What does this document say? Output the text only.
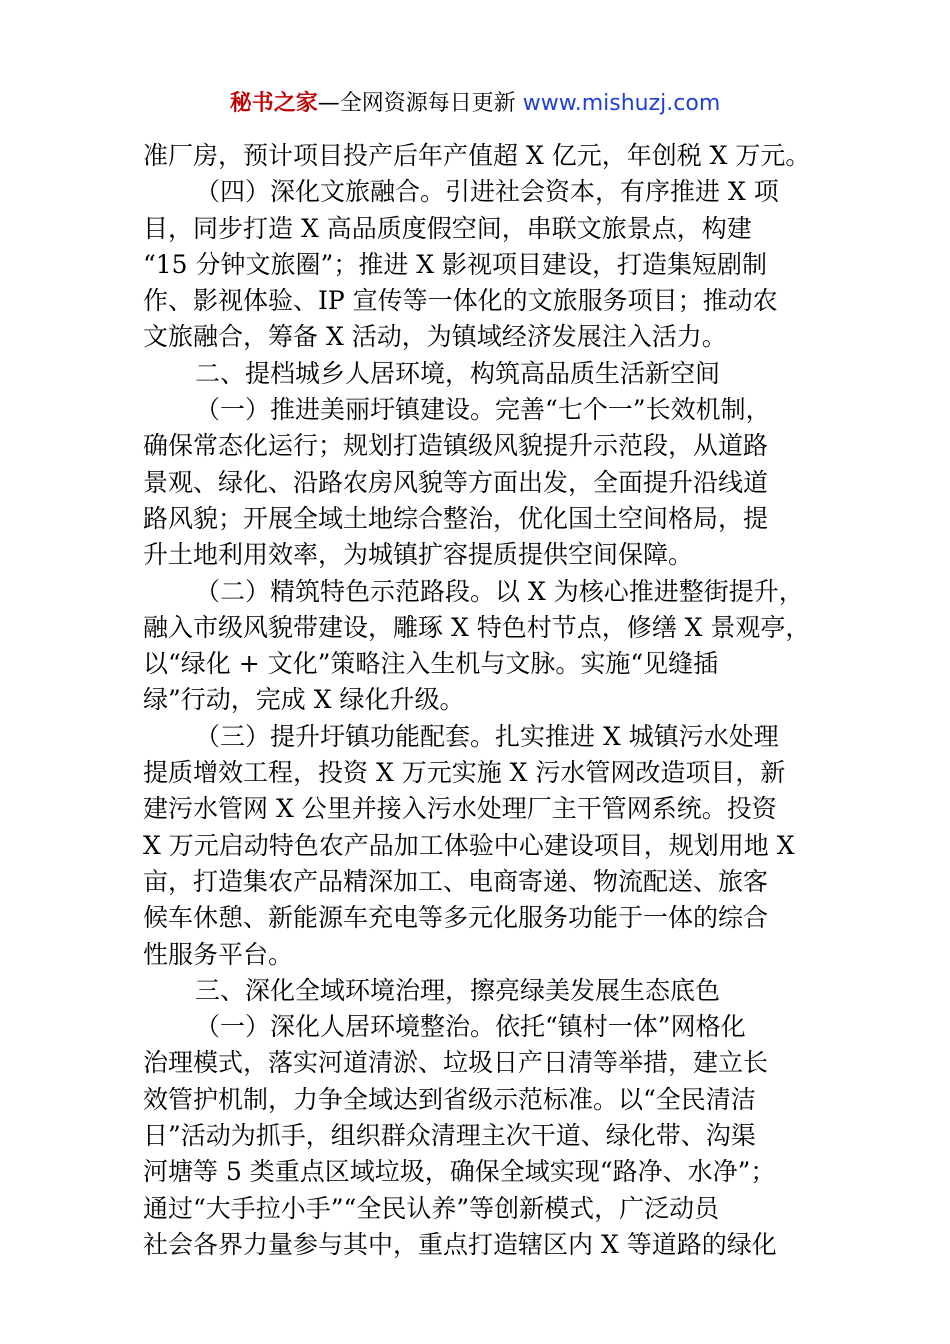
秘书之家—全网资源每日更新 www.mishuzj.com
准厂房，预计项目投产后年产值超 X 亿元，年创税 X 万元。
（四）深化文旅融合。引进社会资本，有序推进 X 项
目，同步打造 X 高品质度假空间，串联文旅景点，构建
“15 分钟文旅圈”；推进 X 影视项目建设，打造集短剧制
作、影视体验、IP 宣传等一体化的文旅服务项目；推动农
文旅融合，筹备 X 活动，为镇域经济发展注入活力。
二、提档城乡人居环境，构筑高品质生活新空间
（一）推进美丽圩镇建设。完善“七个一”长效机制，
确保常态化运行；规划打造镇级风貌提升示范段，从道路
景观、绿化、沿路农房风貌等方面出发，全面提升沿线道
路风貌；开展全域土地综合整治，优化国土空间格局，提
升土地利用效率，为城镇扩容提质提供空间保障。
（二）精筑特色示范路段。以 X 为核心推进整街提升，
融入市级风貌带建设，雕琢 X 特色村节点，修缮 X 景观亭，
以“绿化 + 文化”策略注入生机与文脉。实施“见缝插
绿”行动，完成 X 绿化升级。
（三）提升圩镇功能配套。扎实推进 X 城镇污水处理
提质增效工程，投资 X 万元实施 X 污水管网改造项目，新
建污水管网 X 公里并接入污水处理厂主干管网系统。投资
X 万元启动特色农产品加工体验中心建设项目，规划用地 X
亩，打造集农产品精深加工、电商寄递、物流配送、旅客
候车休憩、新能源车充电等多元化服务功能于一体的综合
性服务平台。
三、深化全域环境治理，擦亮绿美发展生态底色
（一）深化人居环境整治。依托“镇村一体”网格化
治理模式，落实河道清淤、垃圾日产日清等举措，建立长
效管护机制，力争全域达到省级示范标准。以“全民清洁
日”活动为抓手，组织群众清理主次干道、绿化带、沟渠
河塘等 5 类重点区域垃圾，确保全域实现“路净、水净”；
通过“大手拉小手”“全民认养”等创新模式，广泛动员
社会各界力量参与其中，重点打造辖区内 X 等道路的绿化
